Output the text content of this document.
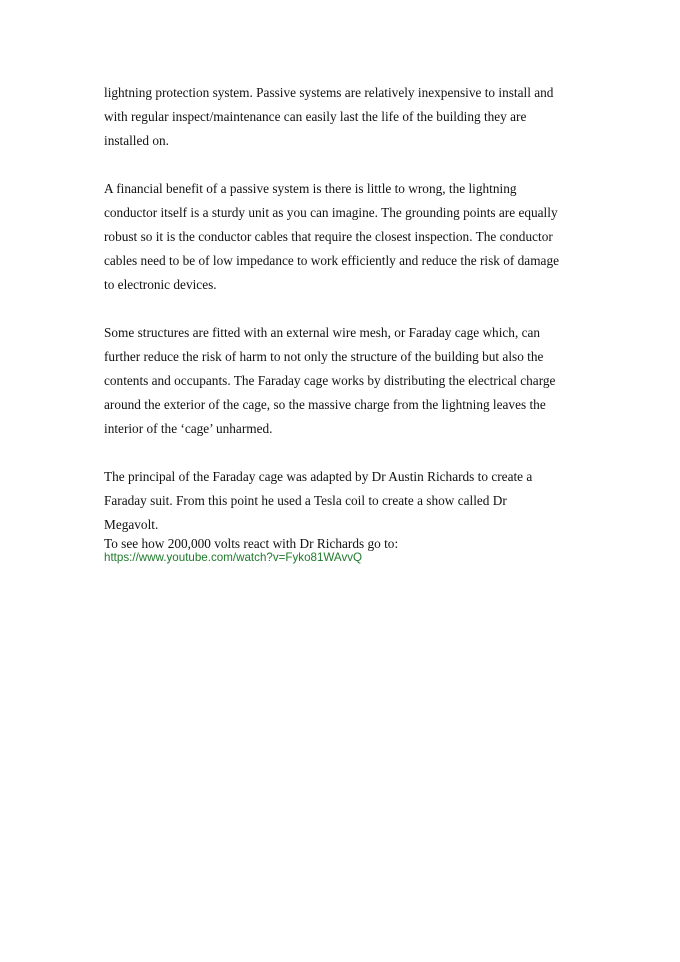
lightning protection system. Passive systems are relatively inexpensive to install and
with regular inspect/maintenance can easily last the life of the building they are
installed on.

A financial benefit of a passive system is there is little to wrong, the lightning
conductor itself is a sturdy unit as you can imagine. The grounding points are equally
robust so it is the conductor cables that require the closest inspection. The conductor
cables need to be of low impedance to work efficiently and reduce the risk of damage
to electronic devices.

Some structures are fitted with an external wire mesh, or Faraday cage which, can
further reduce the risk of harm to not only the structure of the building but also the
contents and occupants. The Faraday cage works by distributing the electrical charge
around the exterior of the cage, so the massive charge from the lightning leaves the
interior of the ‘cage’ unharmed.

The principal of the Faraday cage was adapted by Dr Austin Richards to create a
Faraday suit. From this point he used a Tesla coil to create a show called Dr
Megavolt.

To see how 200,000 volts react with Dr Richards go to:

https://www.youtube.com/watch?v=Fyko81WAvvQ
